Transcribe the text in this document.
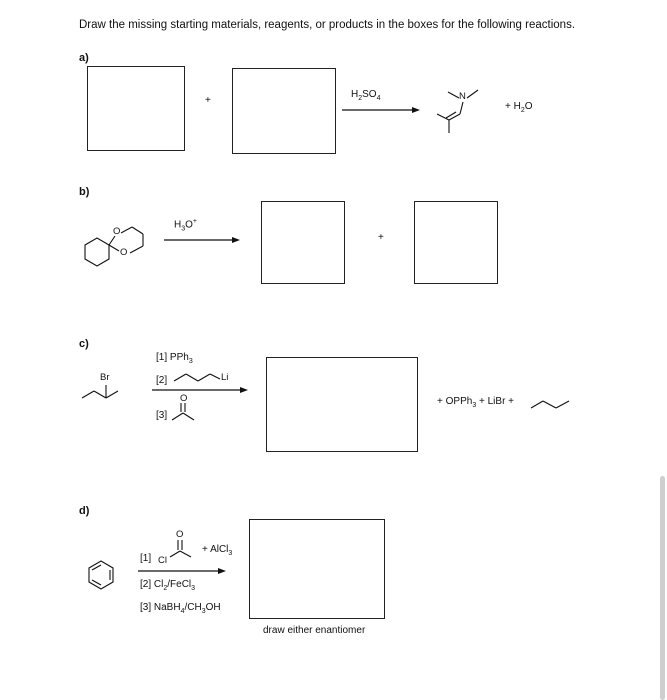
Draw the missing starting materials, reagents, or products in the boxes for the following reactions.
a)
+
$H_2SO_4$	N
+ $H_2O$
b)
O
O
$H_3O^+$
+
c)
Br
[1] PPh$_3$
[2]	Li
[3]
O	+ OPPh$_3$ + LiBr +
d)
[1] Cl
O
+ AlCl$_3$
[2] $Cl_2/FeCl_3$
[3] $NaBH_4/CH_3OH$
draw either enantiomer
